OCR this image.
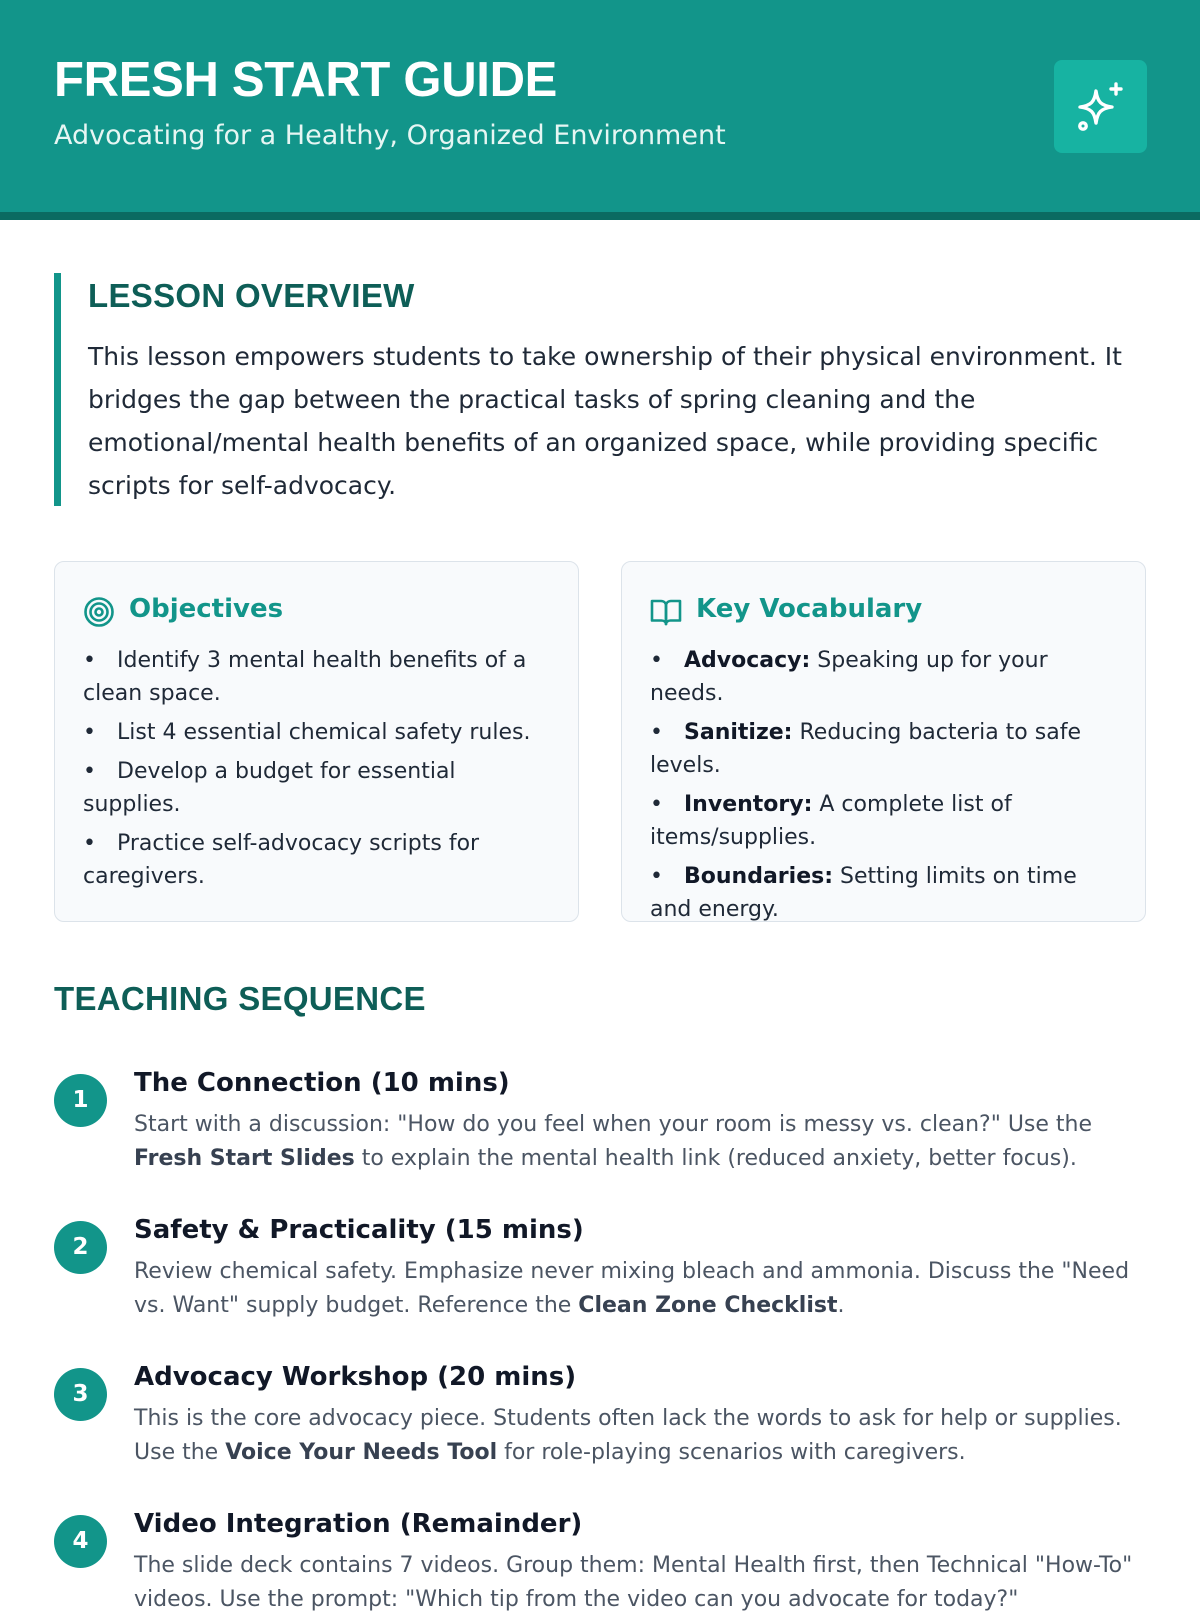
FRESH START GUIDE
Advocating for a Healthy, Organized Environment
LESSON OVERVIEW
This lesson empowers students to take ownership of their physical environment. It bridges the gap between the practical tasks of spring cleaning and the emotional/mental health benefits of an organized space, while providing specific scripts for self-advocacy.
Objectives
• Identify 3 mental health benefits of a clean space.
• List 4 essential chemical safety rules.
• Develop a budget for essential supplies.
• Practice self-advocacy scripts for caregivers.
Key Vocabulary
• Advocacy: Speaking up for your needs.
• Sanitize: Reducing bacteria to safe levels.
• Inventory: A complete list of items/supplies.
• Boundaries: Setting limits on time and energy.
TEACHING SEQUENCE
1
The Connection (10 mins)
Start with a discussion: "How do you feel when your room is messy vs. clean?" Use the Fresh Start Slides to explain the mental health link (reduced anxiety, better focus).
2
Safety & Practicality (15 mins)
Review chemical safety. Emphasize never mixing bleach and ammonia. Discuss the "Need vs. Want" supply budget. Reference the Clean Zone Checklist.
3
Advocacy Workshop (20 mins)
This is the core advocacy piece. Students often lack the words to ask for help or supplies. Use the Voice Your Needs Tool for role-playing scenarios with caregivers.
4
Video Integration (Remainder)
The slide deck contains 7 videos. Group them: Mental Health first, then Technical "How-To" videos. Use the prompt: "Which tip from the video can you advocate for today?"
